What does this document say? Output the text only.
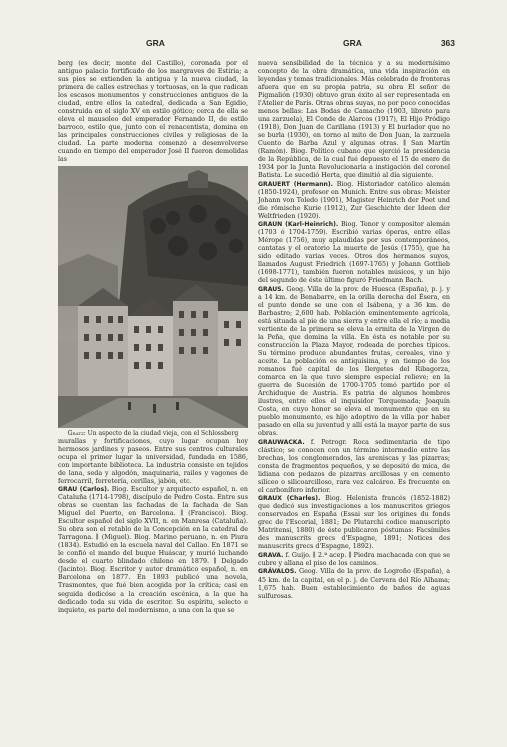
GRA	GRA	363

berg (es decir, monte del Castillo), coronada por el antiguo palacio fortificado de los margraves de Estiria; a sus pies se extienden la antigua y la nueva ciudad, la primera de calles estrechas y tortuosas, en la que radican los escasos monumentos y construcciones antiguos de la ciudad, entre ellos la catedral, dedicada a San Egidio, construida en el siglo XV en estilo gótico; cerca de ella se eleva el mausoleo del emperador Fernando II, de estilo barroco, estilo que, junto con el renacentista, domina en las principales construcciones civiles y religiosas de la ciudad. La parte moderna comenzó a desenvolverse cuando en tiempo del emperador José II fueron demolidas las

Gratz: Un aspecto de la ciudad vieja, con el Schlossberg

murallas y fortificaciones, cuyo lugar ocupan hoy hermosos jardines y paseos. Entre sus centros culturales ocupa el primer lugar la universidad, fundada en 1586, con importante biblioteca. La industria consiste en tejidos de lana, seda y algodón, maquinaria, railes y vagones de ferrocarril, ferretería, cerillas, jabón, etc.

GRAU (Carlos). Biog. Escultor y arquitecto español, n. en Cataluña (1714-1798), discípulo de Pedro Costa. Entre sus obras se cuentan las fachadas de la fachada de San Miguel del Puerto, en Barcelona. ∥ (Francisco). Biog. Escultor español del siglo XVII, n. en Manresa (Cataluña). Su obra son el retablo de la Concepción en la catedral de Tarragona. ∥ (Miguel). Biog. Marino peruano, n. en Piura (1834). Estudió en la escuela naval del Callao. En 1871 se le confió el mando del buque Huáscar, y murió luchando desde el cuarto blindado chileno en 1879. ∥ Delgado (Jacinto). Biog. Escritor y autor dramático español, n. en Barcelona en 1877. En 1893 publicó una novela, Trasmontes, que fué bien acogida por la crítica; casi en seguida dedicóse a la creación escénica, a la que ha dedicado toda su vida de escritor. Su espíritu, selecto e inquieto, es parte del modernismo, a una con la que se

nueva sensibilidad de la técnica y a su modernísimo concepto de la obra dramática, una vida inspiración en leyendas y temas tradicionales. Más celebrado de fronteras afuera que en su propia patria, su obra El señor de Pigmalión (1930) obtuvo gran éxito al ser representada en l'Atelier de París. Otras obras suyas, no por poco conocidas menos bellas: Las Bodas de Camacho (1903, libreto para una zarzuela), El Conde de Alarcos (1917), El Hijo Pródigo (1918), Don Juan de Carillana (1913) y El burlador que no se burla (1930), en torno al mito de Don Juan, la zarzuela Cuento de Barba Azul y algunas otras. ∥ San Martín (Ramón). Biog. Político cubano que ejerció la presidencia de la República, de la cual fué depuesto el 15 de enero de 1934 por la Junta Revolucionaria a instigación del coronel Batista. Le sucedió Herta, que dimitió al día siguiente.

GRAUERT (Hermann). Biog. Historiador católico alemán (1850-1924), profesor en Munich. Entre sus obras: Meister Johann von Toledo (1901), Magister Heinrich der Poet und die römische Kurie (1912), Zur Geschichte der Ideen der Weltfrieden (1920).

GRAUN (Karl-Heinrich). Biog. Tenor y compositor alemán (1703 ó 1704-1759). Escribió varias óperas, entre ellas Mérope (1756), muy aplaudidas por sus contemporáneos, cantatas y el oratorio La muerte de Jesús (1755), que ha sido editado varias veces. Otros dos hermanos suyos, llamados August Friedrich (1697-1765) y Johann Gottlieb (1698-1771), también fueron notables músicos, y un hijo del segundo de éste último figuró Friedmann Bach.

GRAUS. Geog. Villa de la prov. de Huesca (España), p. j. y a 14 km. de Benabarre, en la orilla derecha del Ésera, en el punto donde se une con el Isábena, y a 36 km. de Barbastro; 2,600 hab. Población eminentemente agrícola, está situada al pie de una sierra y entre ella el río; a media vertiente de la primera se eleva la ermita de la Virgen de la Peña, que domina la villa. En ésta es notable por su construcción la Plaza Mayor, rodeada de porches típicos. Su término produce abundantes frutas, cereales, vino y aceite. La población es antiquísima, y en tiempo de los romanos fué capital de los Ilergetes del Ribagorza, comarca en la que tuvo siempre especial relieve; en la guerra de Sucesión de 1700-1705 tomó partido por el Archiduque de Austria. Es patria de algunos hombres ilustres, entre ellos el inquisidor Torquemada; Joaquín Costa, en cuyo honor se eleva el monumento que en su pueblo monumento, es hijo adoptivo de la villa por haber pasado en ella su juventud y allí está la mayor parte de sus obras.

GRAUWACKA. f. Petrogr. Roca sedimentaria de tipo clástico; se conocen con un término intermedio entre las brechas, los conglomerados, las areniscas y las pizarras; consta de fragmentos pequeños, y se depositó de mica, de lidiana con pedazos de pizarras arcillosas y en cemento silíceo o silicoarcilloso, rara vez calcáreo. Es frecuente en el carbonífero inferior.

GRAUX (Charles). Biog. Helenista francés (1852-1882) que dedicó sus investigaciones a los manuscritos griegos conservados en España (Essai sur les origines du fonds grec de l'Escorial, 1881; De Plutarchi codice manuscripto Matritensi, 1880) de éste publicaron póstumas: Facsímiles des manuscrits grecs d'Espagne, 1891; Notices des manuscrits grecs d'Espagne, 1892).

GRAVA. f. Guijo. ∥ 2.ª acep. ∥ Piedra machacada con que se cubre y allana el piso de los caminos.

GRÁVALOS. Geog. Villa de la prov. de Logroño (España), a 45 km. de la capital, en el p. j. de Cervera del Río Alhama; 1,675 hab. Buen establecimiento de baños de aguas sulfurosas.
